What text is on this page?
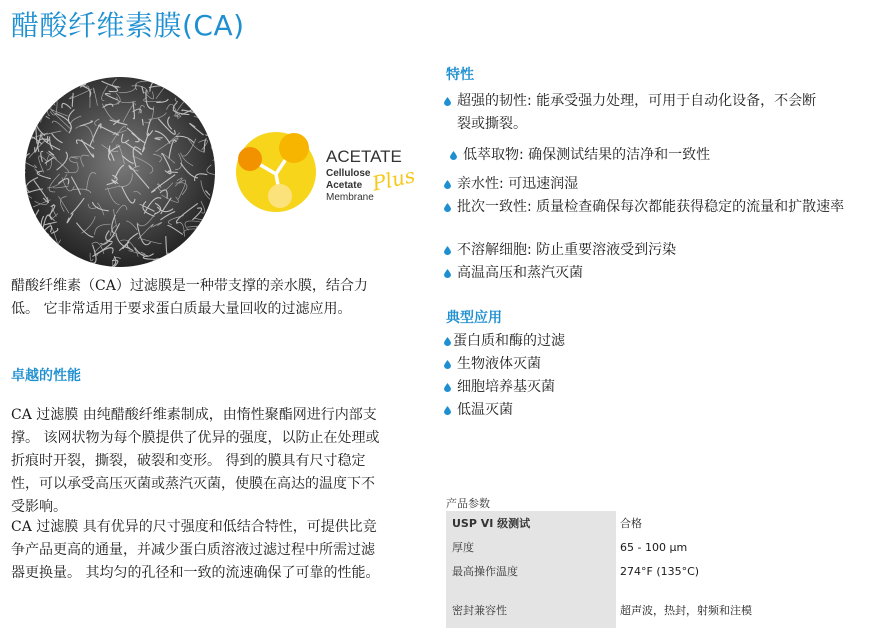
醋酸纤维素膜(CA)
ACETATE
Cellulose
Acetate
Membrane
Plus
醋酸纤维素（CA）过滤膜是一种带支撑的亲水膜，结合力
低。 它非常适用于要求蛋白质最大量回收的过滤应用。
卓越的性能
CA 过滤膜 由纯醋酸纤维素制成，由惰性聚酯网进行内部支
撑。 该网状物为每个膜提供了优异的强度，以防止在处理或
折痕时开裂，撕裂，破裂和变形。 得到的膜具有尺寸稳定
性，可以承受高压灭菌或蒸汽灭菌，使膜在高达的温度下不
受影响。
CA 过滤膜 具有优异的尺寸强度和低结合特性，可提供比竞
争产品更高的通量，并减少蛋白质溶液过滤过程中所需过滤
器更换量。 其均匀的孔径和一致的流速确保了可靠的性能。
特性
超强的韧性: 能承受强力处理，可用于自动化设备，不会断
裂或撕裂。
低萃取物: 确保测试结果的洁净和一致性
亲水性: 可迅速润湿
批次一致性: 质量检查确保每次都能获得稳定的流量和扩散速率
不溶解细胞: 防止重要溶液受到污染
高温高压和蒸汽灭菌
典型应用
蛋白质和酶的过滤
生物液体灭菌
细胞培养基灭菌
低温灭菌
产品参数
USP VI 级测试	合格
厚度	65 - 100 µm
最高操作温度	274°F (135°C)

密封兼容性	超声波，热封，射频和注模
